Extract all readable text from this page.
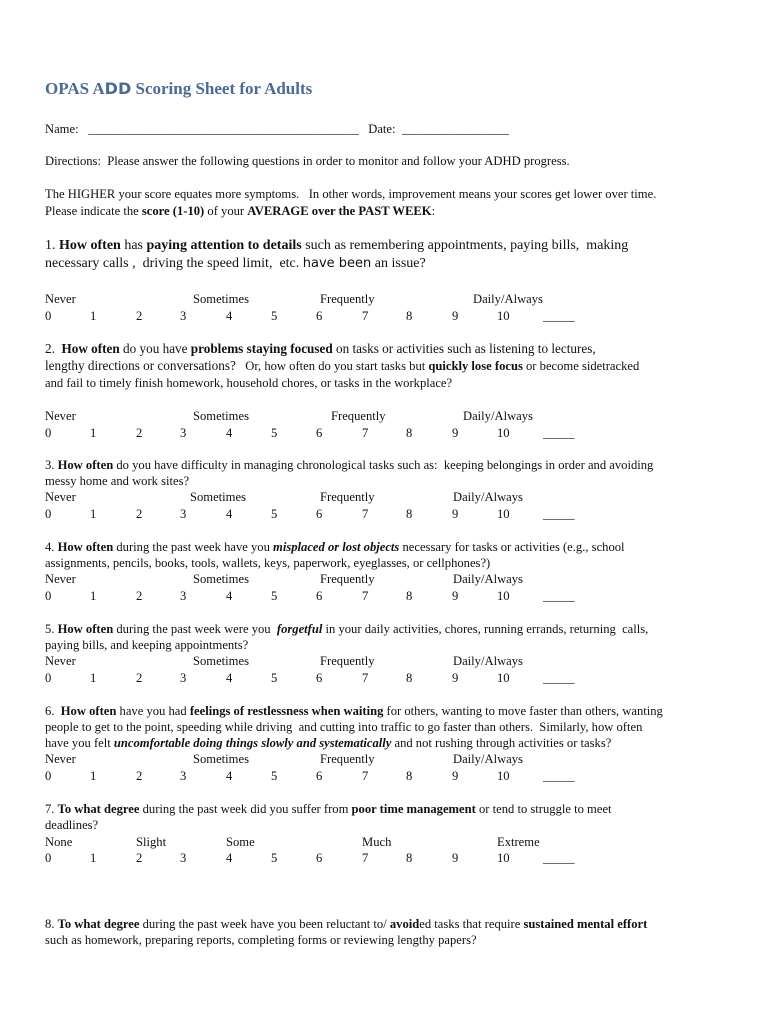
OPAS ADD Scoring Sheet for Adults
Name: ___________________________________________ Date: _________________
Directions:  Please answer the following questions in order to monitor and follow your ADHD progress.
The HIGHER your score equates more symptoms.   In other words, improvement means your scores get lower over time.
Please indicate the score (1-10) of your AVERAGE over the PAST WEEK:
1. How often has paying attention to details such as remembering appointments, paying bills,  making
necessary calls ,  driving the speed limit,  etc. have been an issue?
Never	Sometimes	Frequently	Daily/Always
0	1	2	3	4	5	6	7	8	9	10	_____
2.  How often do you have problems staying focused on tasks or activities such as listening to lectures,
lengthy directions or conversations?   Or, how often do you start tasks but quickly lose focus or become sidetracked
and fail to timely finish homework, household chores, or tasks in the workplace?
Never	Sometimes	Frequently	Daily/Always
0	1	2	3	4	5	6	7	8	9	10	_____
3. How often do you have difficulty in managing chronological tasks such as:  keeping belongings in order and avoiding
messy home and work sites?
Never	Sometimes	Frequently	Daily/Always
0	1	2	3	4	5	6	7	8	9	10	_____
4. How often during the past week have you misplaced or lost objects necessary for tasks or activities (e.g., school
assignments, pencils, books, tools, wallets, keys, paperwork, eyeglasses, or cellphones?)
Never	Sometimes	Frequently	Daily/Always
0	1	2	3	4	5	6	7	8	9	10	_____
5. How often during the past week were you  forgetful in your daily activities, chores, running errands, returning  calls,
paying bills, and keeping appointments?
Never	Sometimes	Frequently	Daily/Always
0	1	2	3	4	5	6	7	8	9	10	_____
6.  How often have you had feelings of restlessness when waiting for others, wanting to move faster than others, wanting
people to get to the point, speeding while driving  and cutting into traffic to go faster than others.  Similarly, how often
have you felt uncomfortable doing things slowly and systematically and not rushing through activities or tasks?
Never	Sometimes	Frequently	Daily/Always
0	1	2	3	4	5	6	7	8	9	10	_____
7. To what degree during the past week did you suffer from poor time management or tend to struggle to meet
deadlines?
None	Slight	Some	Much	Extreme
0	1	2	3	4	5	6	7	8	9	10	_____
8. To what degree during the past week have you been reluctant to/ avoided tasks that require sustained mental effort
such as homework, preparing reports, completing forms or reviewing lengthy papers?
